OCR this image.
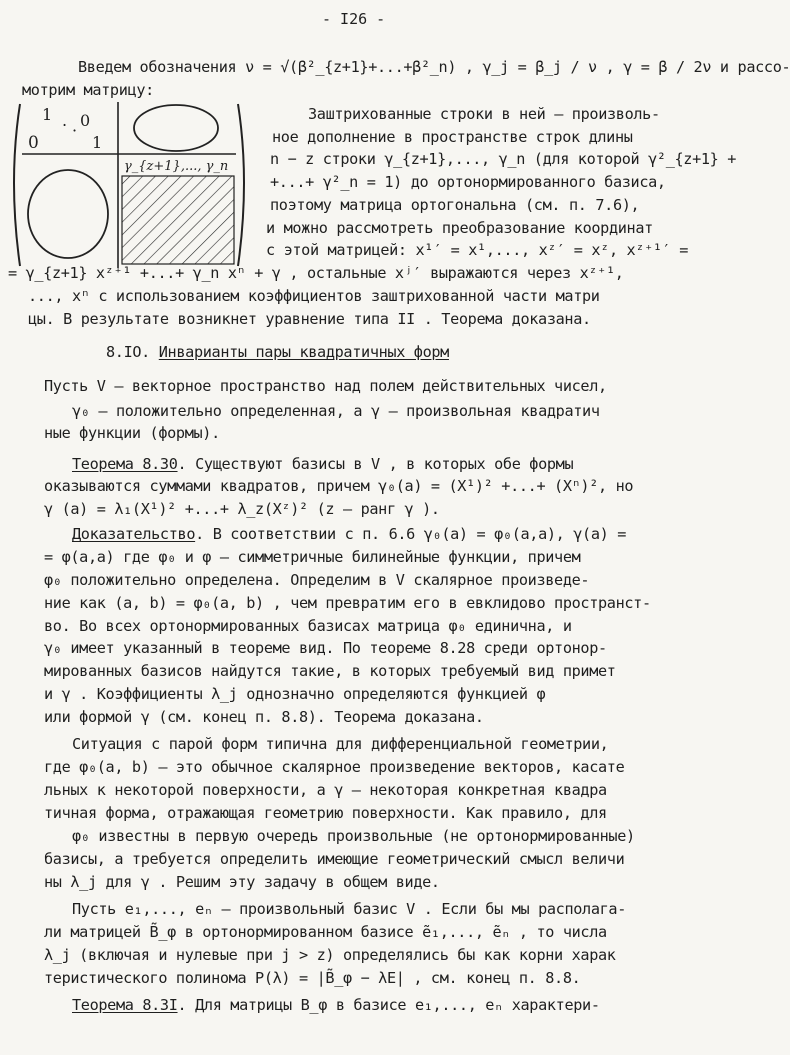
- I26 -
1 . 0
·
0	1
γ_{z+1},..., γ_n
Введем обозначения ν = √(β²_{z+1}+...+β²_n) , γ_j = β_j / ν , γ = β / 2ν и рассо-
мотрим матрицу:
Заштрихованные строки в ней – произволь-
ное дополнение в пространстве строк длины
n − z строки γ_{z+1},..., γ_n (для которой γ²_{z+1} +
+...+ γ²_n = 1) до ортонормированного базиса,
поэтому матрица ортогональна (см. п. 7.6),
и можно рассмотреть преобразование координат
с этой матрицей: x¹′ = x¹,..., xᶻ′ = xᶻ, xᶻ⁺¹′ =
= γ_{z+1} xᶻ⁺¹ +...+ γ_n xⁿ + γ , остальные xʲ′ выражаются через xᶻ⁺¹,
..., xⁿ с использованием коэффициентов заштрихованной части матри
цы. В результате возникнет уравнение типа II . Теорема доказана.
8.IO. Инварианты пары квадратичных форм
Пусть V – векторное пространство над полем действительных чисел,
γ₀ – положительно определенная, а γ – произвольная квадратич
ные функции (формы).
Теорема 8.30. Существуют базисы в V , в которых обе формы
оказываются суммами квадратов, причем γ₀(a) = (X¹)² +...+ (Xⁿ)², но
γ (a) = λ₁(X¹)² +...+ λ_z(Xᶻ)² (z – ранг γ ).
Доказательство. В соответствии с п. 6.6 γ₀(a) = φ₀(a,a), γ(a) =
= φ(a,a) где φ₀ и φ – симметричные билинейные функции, причем
φ₀ положительно определена. Определим в V скалярное произведе-
ние как (a, b) = φ₀(a, b) , чем превратим его в евклидово пространст-
во. Во всех ортонормированных базисах матрица φ₀ единична, и
γ₀ имеет указанный в теореме вид. По теореме 8.28 среди ортонор-
мированных базисов найдутся такие, в которых требуемый вид примет
и γ . Коэффициенты λ_j однозначно определяются функцией φ
или формой γ (см. конец п. 8.8). Теорема доказана.
Ситуация с парой форм типична для дифференциальной геометрии,
где φ₀(a, b) – это обычное скалярное произведение векторов, касате
льных к некоторой поверхности, а γ – некоторая конкретная квадра
тичная форма, отражающая геометрию поверхности. Как правило, для
φ₀ известны в первую очередь произвольные (не ортонормированные)
базисы, а требуется определить имеющие геометрический смысл величи
ны λ_j для γ . Решим эту задачу в общем виде.
Пусть e₁,..., eₙ – произвольный базис V . Если бы мы располага-
ли матрицей B̃_φ в ортонормированном базисе ẽ₁,..., ẽₙ , то числа
λ_j (включая и нулевые при j > z) определялись бы как корни харак
теристического полинома P(λ) = |B̃_φ − λE| , см. конец п. 8.8.
Теорема 8.3I. Для матрицы B_φ в базисе e₁,..., eₙ характери-
